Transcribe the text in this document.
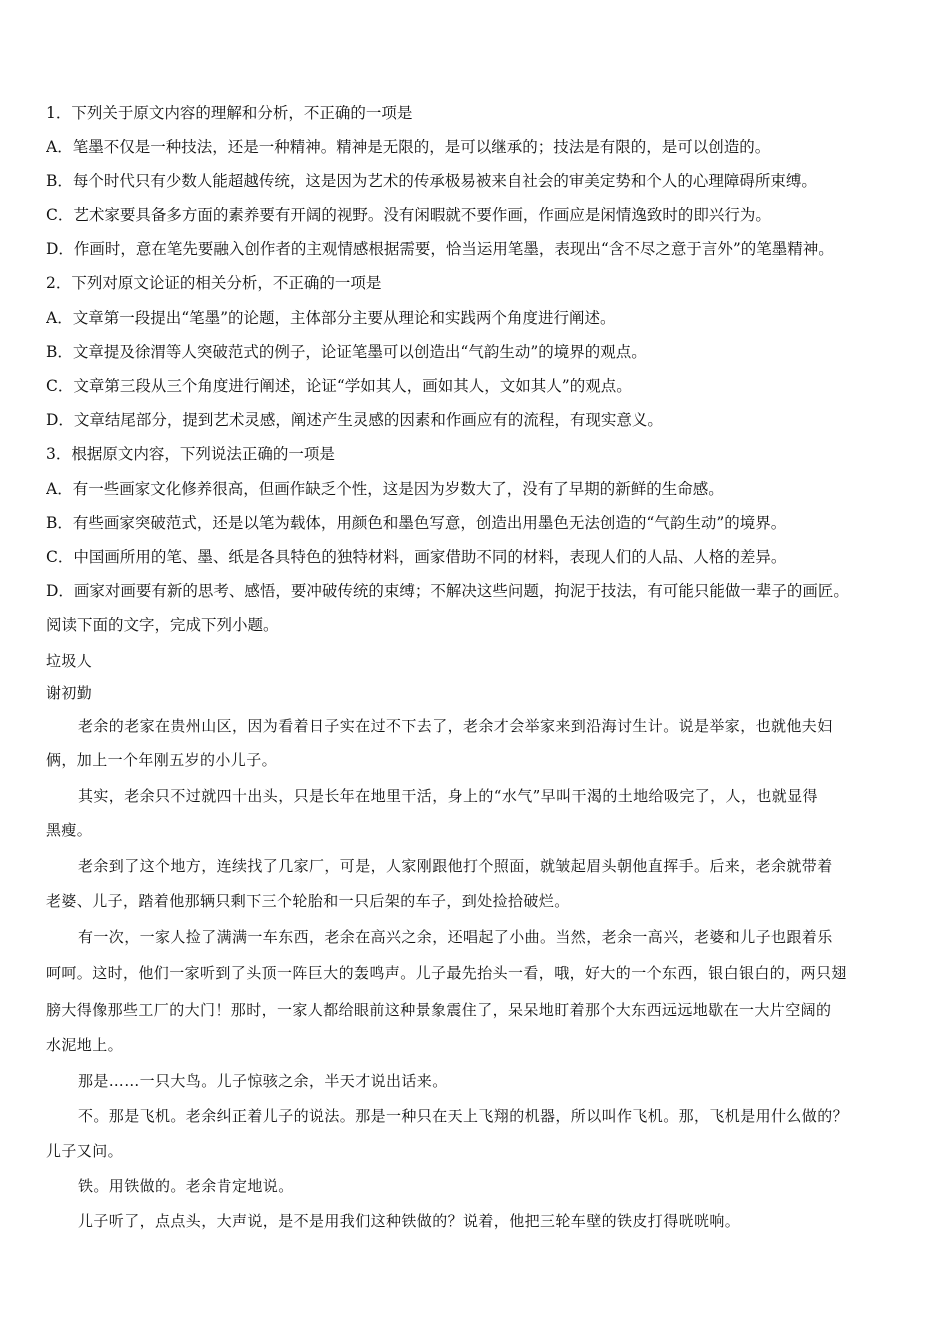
1．下列关于原文内容的理解和分析，不正确的一项是
A．笔墨不仅是一种技法，还是一种精神。精神是无限的，是可以继承的；技法是有限的，是可以创造的。
B．每个时代只有少数人能超越传统，这是因为艺术的传承极易被来自社会的审美定势和个人的心理障碍所束缚。
C．艺术家要具备多方面的素养要有开阔的视野。没有闲暇就不要作画，作画应是闲情逸致时的即兴行为。
D．作画时，意在笔先要融入创作者的主观情感根据需要，恰当运用笔墨，表现出“含不尽之意于言外”的笔墨精神。
2．下列对原文论证的相关分析，不正确的一项是
A．文章第一段提出“笔墨”的论题，主体部分主要从理论和实践两个角度进行阐述。
B．文章提及徐渭等人突破范式的例子，论证笔墨可以创造出“气韵生动”的境界的观点。
C．文章第三段从三个角度进行阐述，论证“学如其人，画如其人，文如其人”的观点。
D．文章结尾部分，提到艺术灵感，阐述产生灵感的因素和作画应有的流程，有现实意义。
3．根据原文内容，下列说法正确的一项是
A．有一些画家文化修养很高，但画作缺乏个性，这是因为岁数大了，没有了早期的新鲜的生命感。
B．有些画家突破范式，还是以笔为载体，用颜色和墨色写意，创造出用墨色无法创造的“气韵生动”的境界。
C．中国画所用的笔、墨、纸是各具特色的独特材料，画家借助不同的材料，表现人们的人品、人格的差异。
D．画家对画要有新的思考、感悟，要冲破传统的束缚；不解决这些问题，拘泥于技法，有可能只能做一辈子的画匠。
阅读下面的文字，完成下列小题。
垃圾人
谢初勤
老余的老家在贵州山区，因为看着日子实在过不下去了，老余才会举家来到沿海讨生计。说是举家，也就他夫妇
俩，加上一个年刚五岁的小儿子。
其实，老余只不过就四十出头，只是长年在地里干活，身上的“水气”早叫干渴的土地给吸完了，人，也就显得
黑瘦。
老余到了这个地方，连续找了几家厂，可是，人家刚跟他打个照面，就皱起眉头朝他直挥手。后来，老余就带着
老婆、儿子，踏着他那辆只剩下三个轮胎和一只后架的车子，到处捡拾破烂。
有一次，一家人捡了满满一车东西，老余在高兴之余，还唱起了小曲。当然，老余一高兴，老婆和儿子也跟着乐
呵呵。这时，他们一家听到了头顶一阵巨大的轰鸣声。儿子最先抬头一看，哦，好大的一个东西，银白银白的，两只翅
膀大得像那些工厂的大门！那时，一家人都给眼前这种景象震住了，呆呆地盯着那个大东西远远地歇在一大片空阔的
水泥地上。
那是……一只大鸟。儿子惊骇之余，半天才说出话来。
不。那是飞机。老余纠正着儿子的说法。那是一种只在天上飞翔的机器，所以叫作飞机。那，飞机是用什么做的？
儿子又问。
铁。用铁做的。老余肯定地说。
儿子听了，点点头，大声说，是不是用我们这种铁做的？说着，他把三轮车壁的铁皮打得咣咣响。
